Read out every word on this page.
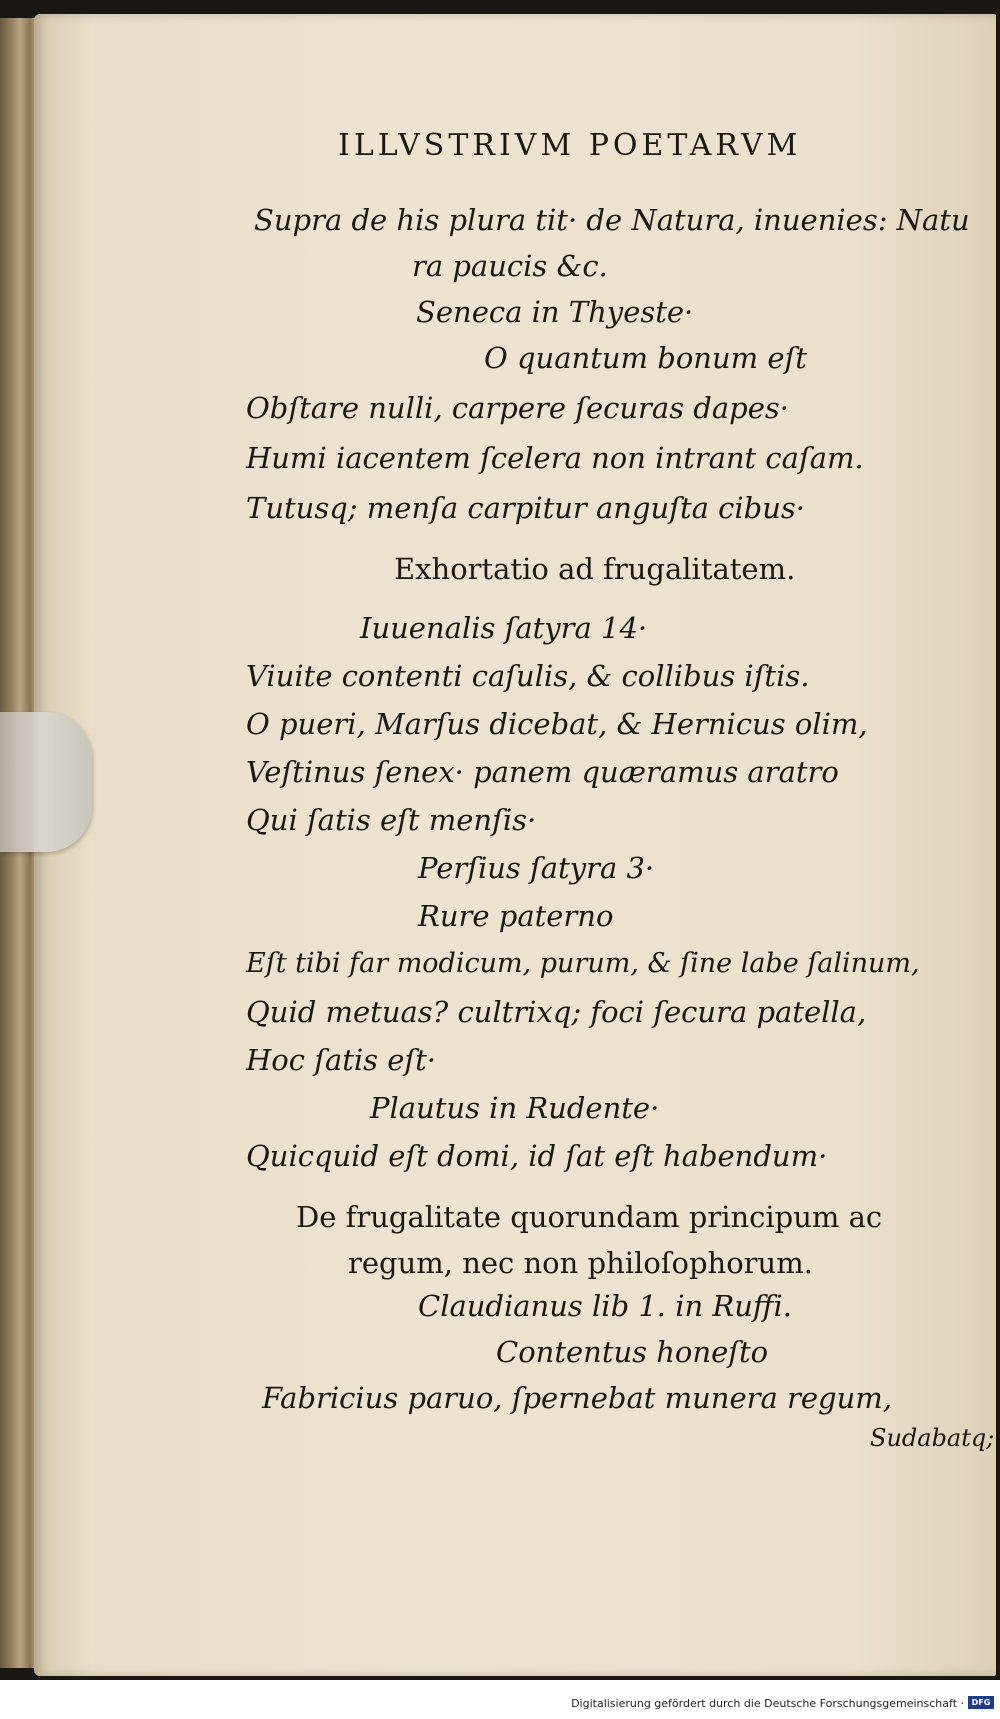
ILLVSTRIVM POETARVM
Supra de his plura tit· de Natura, inuenies: Natu
ra paucis &c.
Seneca in Thyeste·
O quantum bonum eſt
Obſtare nulli, carpere ſecuras dapes·
Humi iacentem ſcelera non intrant caſam.
Tutusq; menſa carpitur anguſta cibus·
Exhortatio ad frugalitatem.
Iuuenalis ſatyra 14·
Viuite contenti caſulis, & collibus iſtis.
O pueri, Marſus dicebat, & Hernicus olim,
Veſtinus ſenex· panem quæramus aratro
Qui ſatis eſt menſis·
Perſius ſatyra 3·
Rure paterno
Eſt tibi far modicum, purum, & ſine labe ſalinum,
Quid metuas? cultrixq; foci ſecura patella,
Hoc ſatis eſt·
Plautus in Rudente·
Quicquid eſt domi, id ſat eſt habendum·
De frugalitate quorundam principum ac
regum, nec non philoſophorum.
Claudianus lib 1. in Ruffi.
Contentus honeſto
Fabricius paruo, ſpernebat munera regum,
Sudabatq;
Digitalisierung gefördert durch die Deutsche Forschungsgemeinschaft · DFG
